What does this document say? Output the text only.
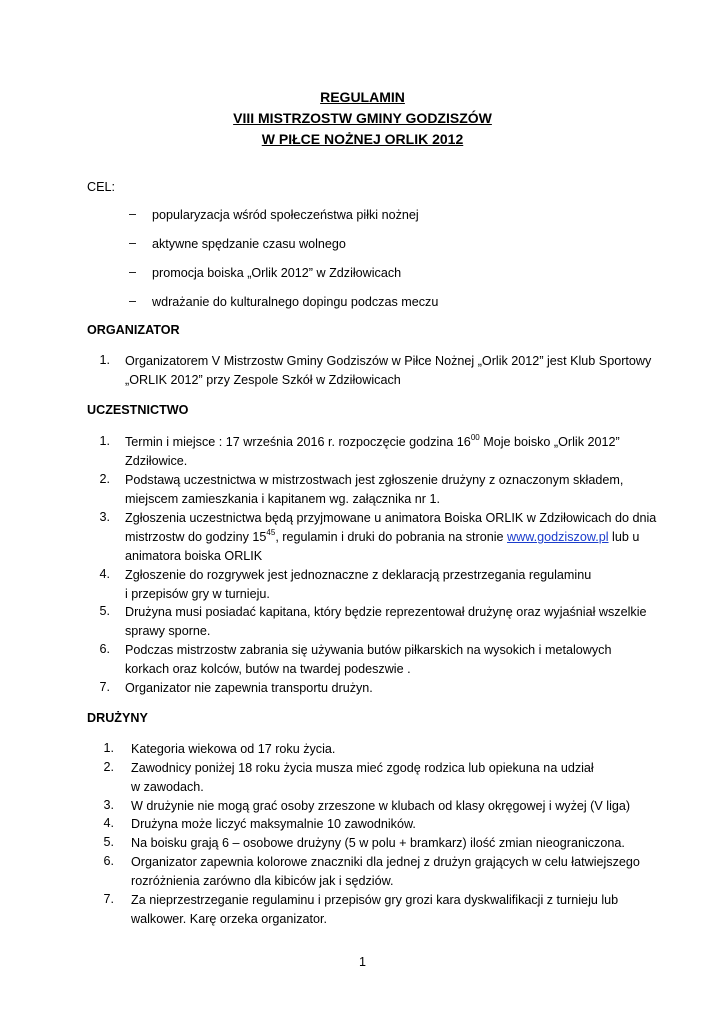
REGULAMIN
VIII MISTRZOSTW GMINY GODZISZÓW
W PIŁCE NOŻNEJ ORLIK 2012
CEL:
– popularyzacja wśród społeczeństwa piłki nożnej
– aktywne spędzanie czasu wolnego
– promocja boiska „Orlik 2012” w Zdziłowicach
– wdrażanie do kulturalnego dopingu podczas meczu
ORGANIZATOR
1. Organizatorem V Mistrzostw Gminy Godziszów w Piłce Nożnej „Orlik 2012” jest Klub Sportowy
„ORLIK 2012” przy Zespole Szkół w Zdziłowicach
UCZESTNICTWO
1. Termin i miejsce : 17 września 2016 r. rozpoczęcie godzina $16^{00}$ Moje boisko „Orlik 2012”
Zdziłowice.
2. Podstawą uczestnictwa w mistrzostwach jest zgłoszenie drużyny z oznaczonym składem,
miejscem zamieszkania i kapitanem wg. załącznika nr 1.
3. Zgłoszenia uczestnictwa będą przyjmowane u animatora Boiska ORLIK w Zdziłowicach do dnia
mistrzostw do godziny $15^{45}$, regulamin i druki do pobrania na stronie www.godziszow.pl lub u
animatora boiska ORLIK
4. Zgłoszenie do rozgrywek jest jednoznaczne z deklaracją przestrzegania regulaminu
i przepisów gry w turnieju.
5. Drużyna musi posiadać kapitana, który będzie reprezentował drużynę oraz wyjaśniał wszelkie
sprawy sporne.
6. Podczas mistrzostw zabrania się używania butów piłkarskich na wysokich i metalowych
korkach oraz kolców, butów na twardej podeszwie .
7. Organizator nie zapewnia transportu drużyn.
DRUŻYNY
1. Kategoria wiekowa od 17 roku życia.
2. Zawodnicy poniżej 18 roku życia musza mieć zgodę rodzica lub opiekuna na udział
w zawodach.
3. W drużynie nie mogą grać osoby zrzeszone w klubach od klasy okręgowej i wyżej (V liga)
4. Drużyna może liczyć maksymalnie 10 zawodników.
5. Na boisku grają 6 – osobowe drużyny (5 w polu + bramkarz) ilość zmian nieograniczona.
6. Organizator zapewnia kolorowe znaczniki dla jednej z drużyn grających w celu łatwiejszego
rozróżnienia zarówno dla kibiców jak i sędziów.
7. Za nieprzestrzeganie regulaminu i przepisów gry grozi kara dyskwalifikacji z turnieju lub
walkower. Karę orzeka organizator.
1
